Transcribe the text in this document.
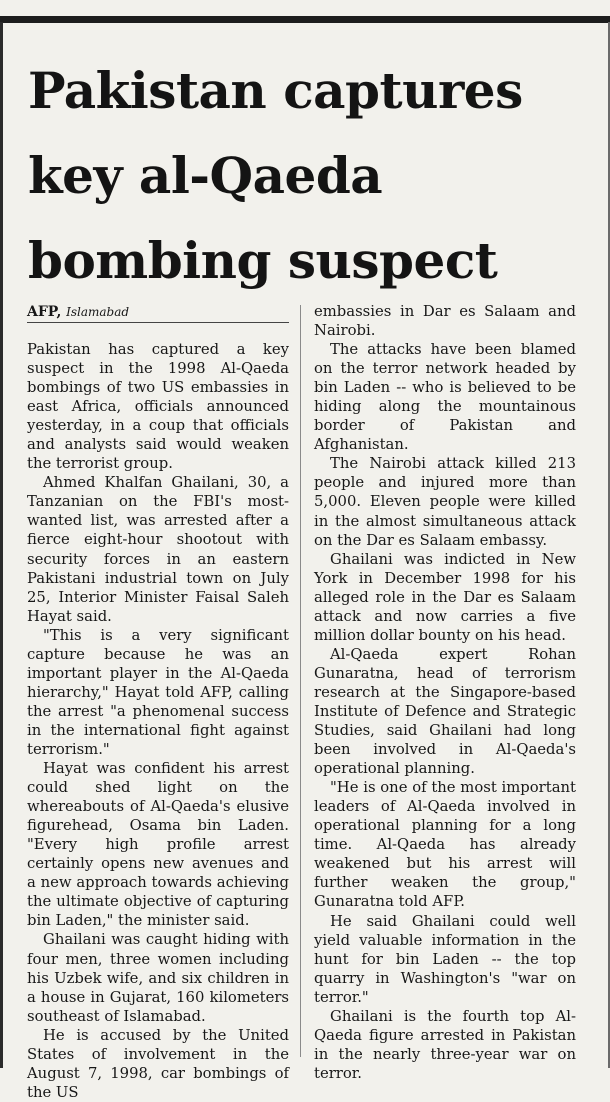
Pakistan captures
key al-Qaeda
bombing suspect
AFP, Islamabad

Pakistan has captured a key suspect in the 1998 Al-Qaeda bombings of two US embassies in east Africa, officials announced yesterday, in a coup that officials and analysts said would weaken the terrorist group.

Ahmed Khalfan Ghailani, 30, a Tanzanian on the FBI's most-wanted list, was arrested after a fierce eight-hour shootout with security forces in an eastern Pakistani industrial town on July 25, Interior Minister Faisal Saleh Hayat said.

"This is a very significant capture because he was an important player in the Al-Qaeda hierarchy," Hayat told AFP, calling the arrest "a phenomenal success in the international fight against terrorism."

Hayat was confident his arrest could shed light on the whereabouts of Al-Qaeda's elusive figurehead, Osama bin Laden. "Every high profile arrest certainly opens new avenues and a new approach towards achieving the ultimate objective of capturing bin Laden," the minister said.

Ghailani was caught hiding with four men, three women including his Uzbek wife, and six children in a house in Gujarat, 160 kilometers southeast of Islamabad.

He is accused by the United States of involvement in the August 7, 1998, car bombings of the US

embassies in Dar es Salaam and Nairobi.

The attacks have been blamed on the terror network headed by bin Laden -- who is believed to be hiding along the mountainous border of Pakistan and Afghanistan.

The Nairobi attack killed 213 people and injured more than 5,000. Eleven people were killed in the almost simultaneous attack on the Dar es Salaam embassy.

Ghailani was indicted in New York in December 1998 for his alleged role in the Dar es Salaam attack and now carries a five million dollar bounty on his head.

Al-Qaeda expert Rohan Gunaratna, head of terrorism research at the Singapore-based Institute of Defence and Strategic Studies, said Ghailani had long been involved in Al-Qaeda's operational planning.

"He is one of the most important leaders of Al-Qaeda involved in operational planning for a long time. Al-Qaeda has already weakened but his arrest will further weaken the group," Gunaratna told AFP.

He said Ghailani could well yield valuable information in the hunt for bin Laden -- the top quarry in Washington's "war on terror."

Ghailani is the fourth top Al-Qaeda figure arrested in Pakistan in the nearly three-year war on terror.
